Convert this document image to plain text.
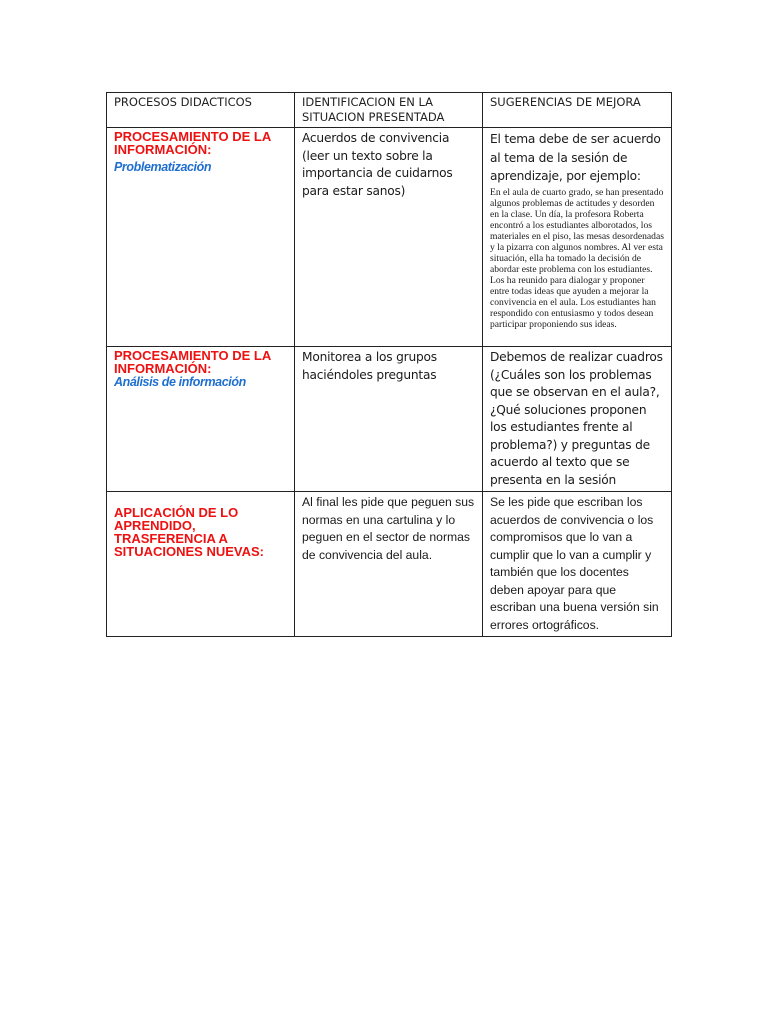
PROCESOS DIDACTICOS	IDENTIFICACION EN LA SITUACION PRESENTADA	SUGERENCIAS DE MEJORA

PROCESAMIENTO DE LA INFORMACIÓN:
Problematización	Acuerdos de convivencia (leer un texto sobre la importancia de cuidarnos para estar sanos)	El tema debe de ser acuerdo al tema de la sesión de aprendizaje, por ejemplo:
En el aula de cuarto grado, se han presentado algunos problemas de actitudes y desorden en la clase. Un día, la profesora Roberta encontró a los estudiantes alborotados, los materiales en el piso, las mesas desordenadas y la pizarra con algunos nombres. Al ver esta situación, ella ha tomado la decisión de abordar este problema con los estudiantes. Los ha reunido para dialogar y proponer entre todas ideas que ayuden a mejorar la convivencia en el aula. Los estudiantes han respondido con entusiasmo y todos desean participar proponiendo sus ideas.

PROCESAMIENTO DE LA INFORMACIÓN:
Análisis de información	Monitorea a los grupos haciéndoles preguntas	Debemos de realizar cuadros (¿Cuáles son los problemas que se observan en el aula?, ¿Qué soluciones proponen los estudiantes frente al problema?) y preguntas de acuerdo al texto que se presenta en la sesión

APLICACIÓN DE LO APRENDIDO, TRASFERENCIA A SITUACIONES NUEVAS:	Al final les pide que peguen sus normas en una cartulina y lo peguen en el sector de normas de convivencia del aula.	Se les pide que escriban los acuerdos de convivencia o los compromisos que lo van a cumplir que lo van a cumplir y también que los docentes deben apoyar para que escriban una buena versión sin errores ortográficos.
